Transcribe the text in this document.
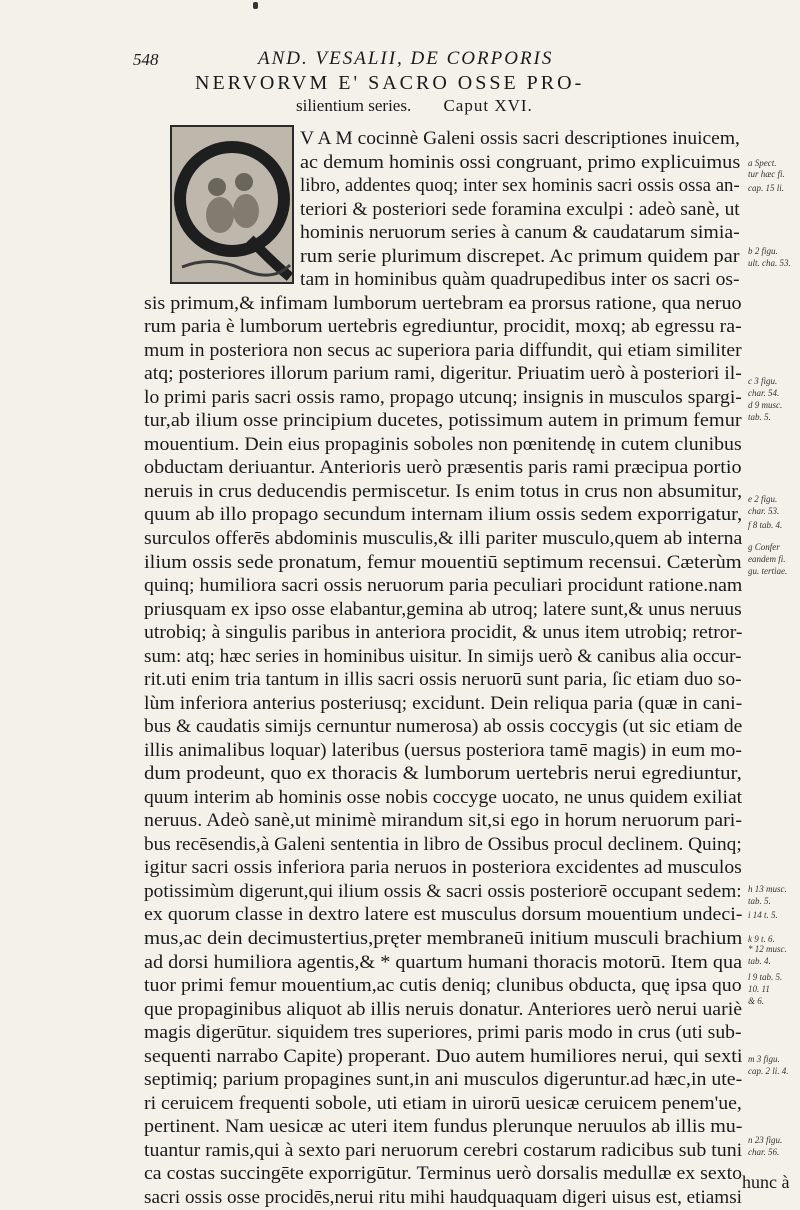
548	AND. VESALII, DE CORPORIS
NERVORVM E' SACRO OSSE PRO-
silientium series. Caput XVI.
V A M cocinnè Galeni ossis sacri descriptiones inuicem,
ac demum hominis ossi congruant, primo explicuimus
libro, addentes quoq; inter sex hominis sacri ossis ossa an-
teriori & posteriori sede foramina exculpi : adeò sanè, ut
hominis neruorum series à canum & caudatarum simia-
rum serie plurimum discrepet. Ac primum quidem par
tam in hominibus quàm quadrupedibus inter os sacri os-
sis primum,& infimam lumborum uertebram ea prorsus ratione, qua neruo
rum paria è lumborum uertebris egrediuntur, procidit, moxq; ab egressu ra-
mum in posteriora non secus ac superiora paria diffundit, qui etiam similiter
atq; posteriores illorum parium rami, digeritur. Priuatim uerò à posteriori il-
lo primi paris sacri ossis ramo, propago utcunq; insignis in musculos spargi-
tur,ab ilium osse principium ducetes, potissimum autem in primum femur
mouentium. Dein eius propaginis soboles non pœnitendę in cutem clunibus
obductam deriuantur. Anterioris uerò præsentis paris rami præcipua portio
neruis in crus deducendis permiscetur. Is enim totus in crus non absumitur,
quum ab illo propago secundum internam ilium ossis sedem exporrigatur,
surculos offerēs abdominis musculis,& illi pariter musculo,quem ab interna
ilium ossis sede pronatum, femur mouentiū septimum recensui. Cæterùm
quinq; humiliora sacri ossis neruorum paria peculiari procidunt ratione.nam
priusquam ex ipso osse elabantur,gemina ab utroq; latere sunt,& unus neruus
utrobiq; à singulis paribus in anteriora procidit, & unus item utrobiq; retror-
sum: atq; hæc series in hominibus uisitur. In simijs uerò & canibus alia occur-
rit.uti enim tria tantum in illis sacri ossis neruorū sunt paria, ſic etiam duo so-
lùm inferiora anterius posteriusq; excidunt. Dein reliqua paria (quæ in cani-
bus & caudatis simijs cernuntur numerosa) ab ossis coccygis (ut sic etiam de
illis animalibus loquar) lateribus (uersus posteriora tamē magis) in eum mo-
dum prodeunt, quo ex thoracis & lumborum uertebris nerui egrediuntur,
quum interim ab hominis osse nobis coccyge uocato, ne unus quidem exiliat
neruus. Adeò sanè,ut minimè mirandum sit,si ego in horum neruorum pari-
bus recēsendis,à Galeni sententia in libro de Ossibus procul declinem. Quinq;
igitur sacri ossis inferiora paria neruos in posteriora excidentes ad musculos
potissimùm digerunt,qui ilium ossis & sacri ossis posteriorē occupant sedem:
ex quorum classe in dextro latere est musculus dorsum mouentium undeci-
mus,ac dein decimustertius,pręter membraneū initium musculi brachium
ad dorsi humiliora agentis,& * quartum humani thoracis motorū. Item qua
tuor primi femur mouentium,ac cutis deniq; clunibus obducta, quę ipsa quo
que propaginibus aliquot ab illis neruis donatur. Anteriores uerò nerui uariè
magis digerūtur. siquidem tres superiores, primi paris modo in crus (uti sub-
sequenti narrabo Capite) properant. Duo autem humiliores nerui, qui sexti
septimiq; parium propagines sunt,in ani musculos digeruntur.ad hæc,in ute-
ri ceruicem frequenti sobole, uti etiam in uirorū uesicæ ceruicem penem'ue,
pertinent. Nam uesicæ ac uteri item fundus plerunque neruulos ab illis mu-
tuantur ramis,qui à sexto pari neruorum cerebri costarum radicibus sub tuni
ca costas succingēte exporrigūtur. Terminus uerò dorsalis medullæ ex sexto
sacri ossis osse procidēs,nerui ritu mihi haudquaquam digeri uisus est, etiamsi
a Spect.
tur hæc fi.
cap. 15 li.
b 2 figu.
ult. cha. 53.
c 3 figu.
char. 54.
d 9 musc.
tab. 5.
e 2 figu.
char. 53.
f 8 tab. 4.
g Confer
eandem fi.
gu. tertiae.
h 13 musc.
tab. 5.
i 14 t. 5.
k 9 t. 6.
* 12 musc.
tab. 4.
l 9 tab. 5.
10. 11
& 6.
m 3 figu.
cap. 2 li. 4.
n 23 figu.
char. 56.
hunc à
